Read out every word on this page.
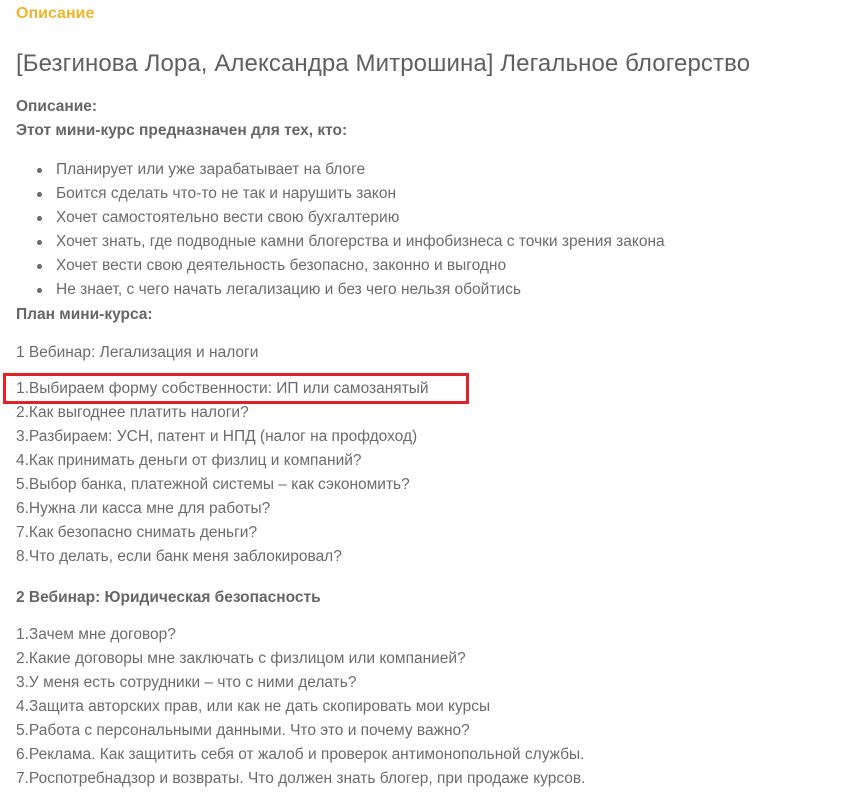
Описание
[Безгинова Лора, Александра Митрошина] Легальное блогерство
Описание:
Этот мини-курс предназначен для тех, кто:
Планирует или уже зарабатывает на блоге
Боится сделать что-то не так и нарушить закон
Хочет самостоятельно вести свою бухгалтерию
Хочет знать, где подводные камни блогерства и инфобизнеса с точки зрения закона
Хочет вести свою деятельность безопасно, законно и выгодно
Не знает, с чего начать легализацию и без чего нельзя обойтись
План мини-курса:
1 Вебинар: Легализация и налоги
1.Выбираем форму собственности: ИП или самозанятый
2.Как выгоднее платить налоги?
3.Разбираем: УСН, патент и НПД (налог на профдоход)
4.Как принимать деньги от физлиц и компаний?
5.Выбор банка, платежной системы – как сэкономить?
6.Нужна ли касса мне для работы?
7.Как безопасно снимать деньги?
8.Что делать, если банк меня заблокировал?
2 Вебинар: Юридическая безопасность
1.Зачем мне договор?
2.Какие договоры мне заключать с физлицом или компанией?
3.У меня есть сотрудники – что с ними делать?
4.Защита авторских прав, или как не дать скопировать мои курсы
5.Работа с персональными данными. Что это и почему важно?
6.Реклама. Как защитить себя от жалоб и проверок антимонопольной службы.
7.Роспотребнадзор и возвраты. Что должен знать блогер, при продаже курсов.
